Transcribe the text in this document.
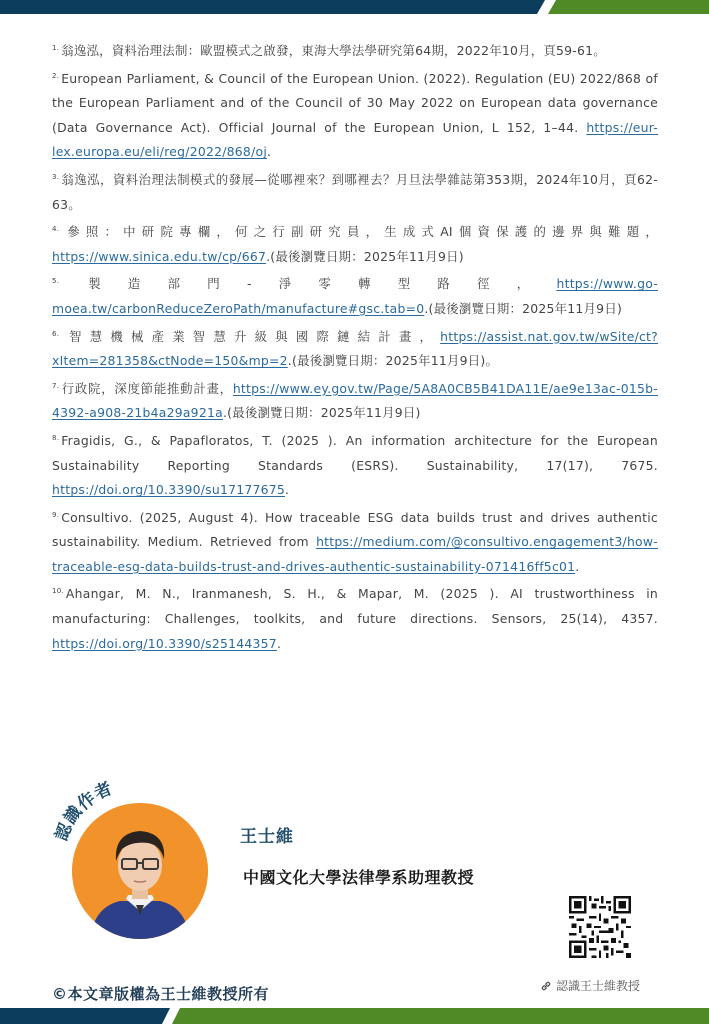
$^{1.}$ 翁逸泓，資料治理法制：歐盟模式之啟發，東海大學法學研究第64期，2022年10月，頁59-61。
$^{2.}$ European Parliament, & Council of the European Union. (2022). Regulation (EU) 2022/868 of the European Parliament and of the Council of 30 May 2022 on European data governance (Data Governance Act). Official Journal of the European Union, L 152, 1–44. https://eur-lex.europa.eu/eli/reg/2022/868/oj.
$^{3.}$ 翁逸泓，資料治理法制模式的發展—從哪裡來？到哪裡去？月旦法學雜誌第353期，2024年10月，頁62-63。
$^{4.}$ 參照：中研院專欄，何之行副研究員，生成式AI個資保護的邊界與難題，https://www.sinica.edu.tw/cp/667.(最後瀏覽日期：2025年11月9日)
$^{5.}$ 製造部門-淨零轉型路徑，https://www.go-moea.tw/carbonReduceZeroPath/manufacture#gsc.tab=0.(最後瀏覽日期：2025年11月9日)
$^{6.}$ 智慧機械產業智慧升級與國際鏈結計畫，https://assist.nat.gov.tw/wSite/ct?xItem=281358&ctNode=150&mp=2.(最後瀏覽日期：2025年11月9日)。
$^{7.}$ 行政院，深度節能推動計畫，https://www.ey.gov.tw/Page/5A8A0CB5B41DA11E/ae9e13ac-015b-4392-a908-21b4a29a921a.(最後瀏覽日期：2025年11月9日)
$^{8.}$ Fragidis, G., & Papafloratos, T. (2025 ). An information architecture for the European Sustainability Reporting Standards (ESRS). Sustainability, 17(17), 7675. https://doi.org/10.3390/su17177675.
$^{9.}$ Consultivo. (2025, August 4). How traceable ESG data builds trust and drives authentic sustainability. Medium. Retrieved from https://medium.com/@consultivo.engagement3/how-traceable-esg-data-builds-trust-and-drives-authentic-sustainability-071416ff5c01.
$^{10.}$ Ahangar, M. N., Iranmanesh, S. H., & Mapar, M. (2025 ). AI trustworthiness in manufacturing: Challenges, toolkits, and future directions. Sensors, 25(14), 4357. https://doi.org/10.3390/s25144357.
認識作者
王士維
中國文化大學法律學系助理教授
認識王士維教授
©本文章版權為王士維教授所有
